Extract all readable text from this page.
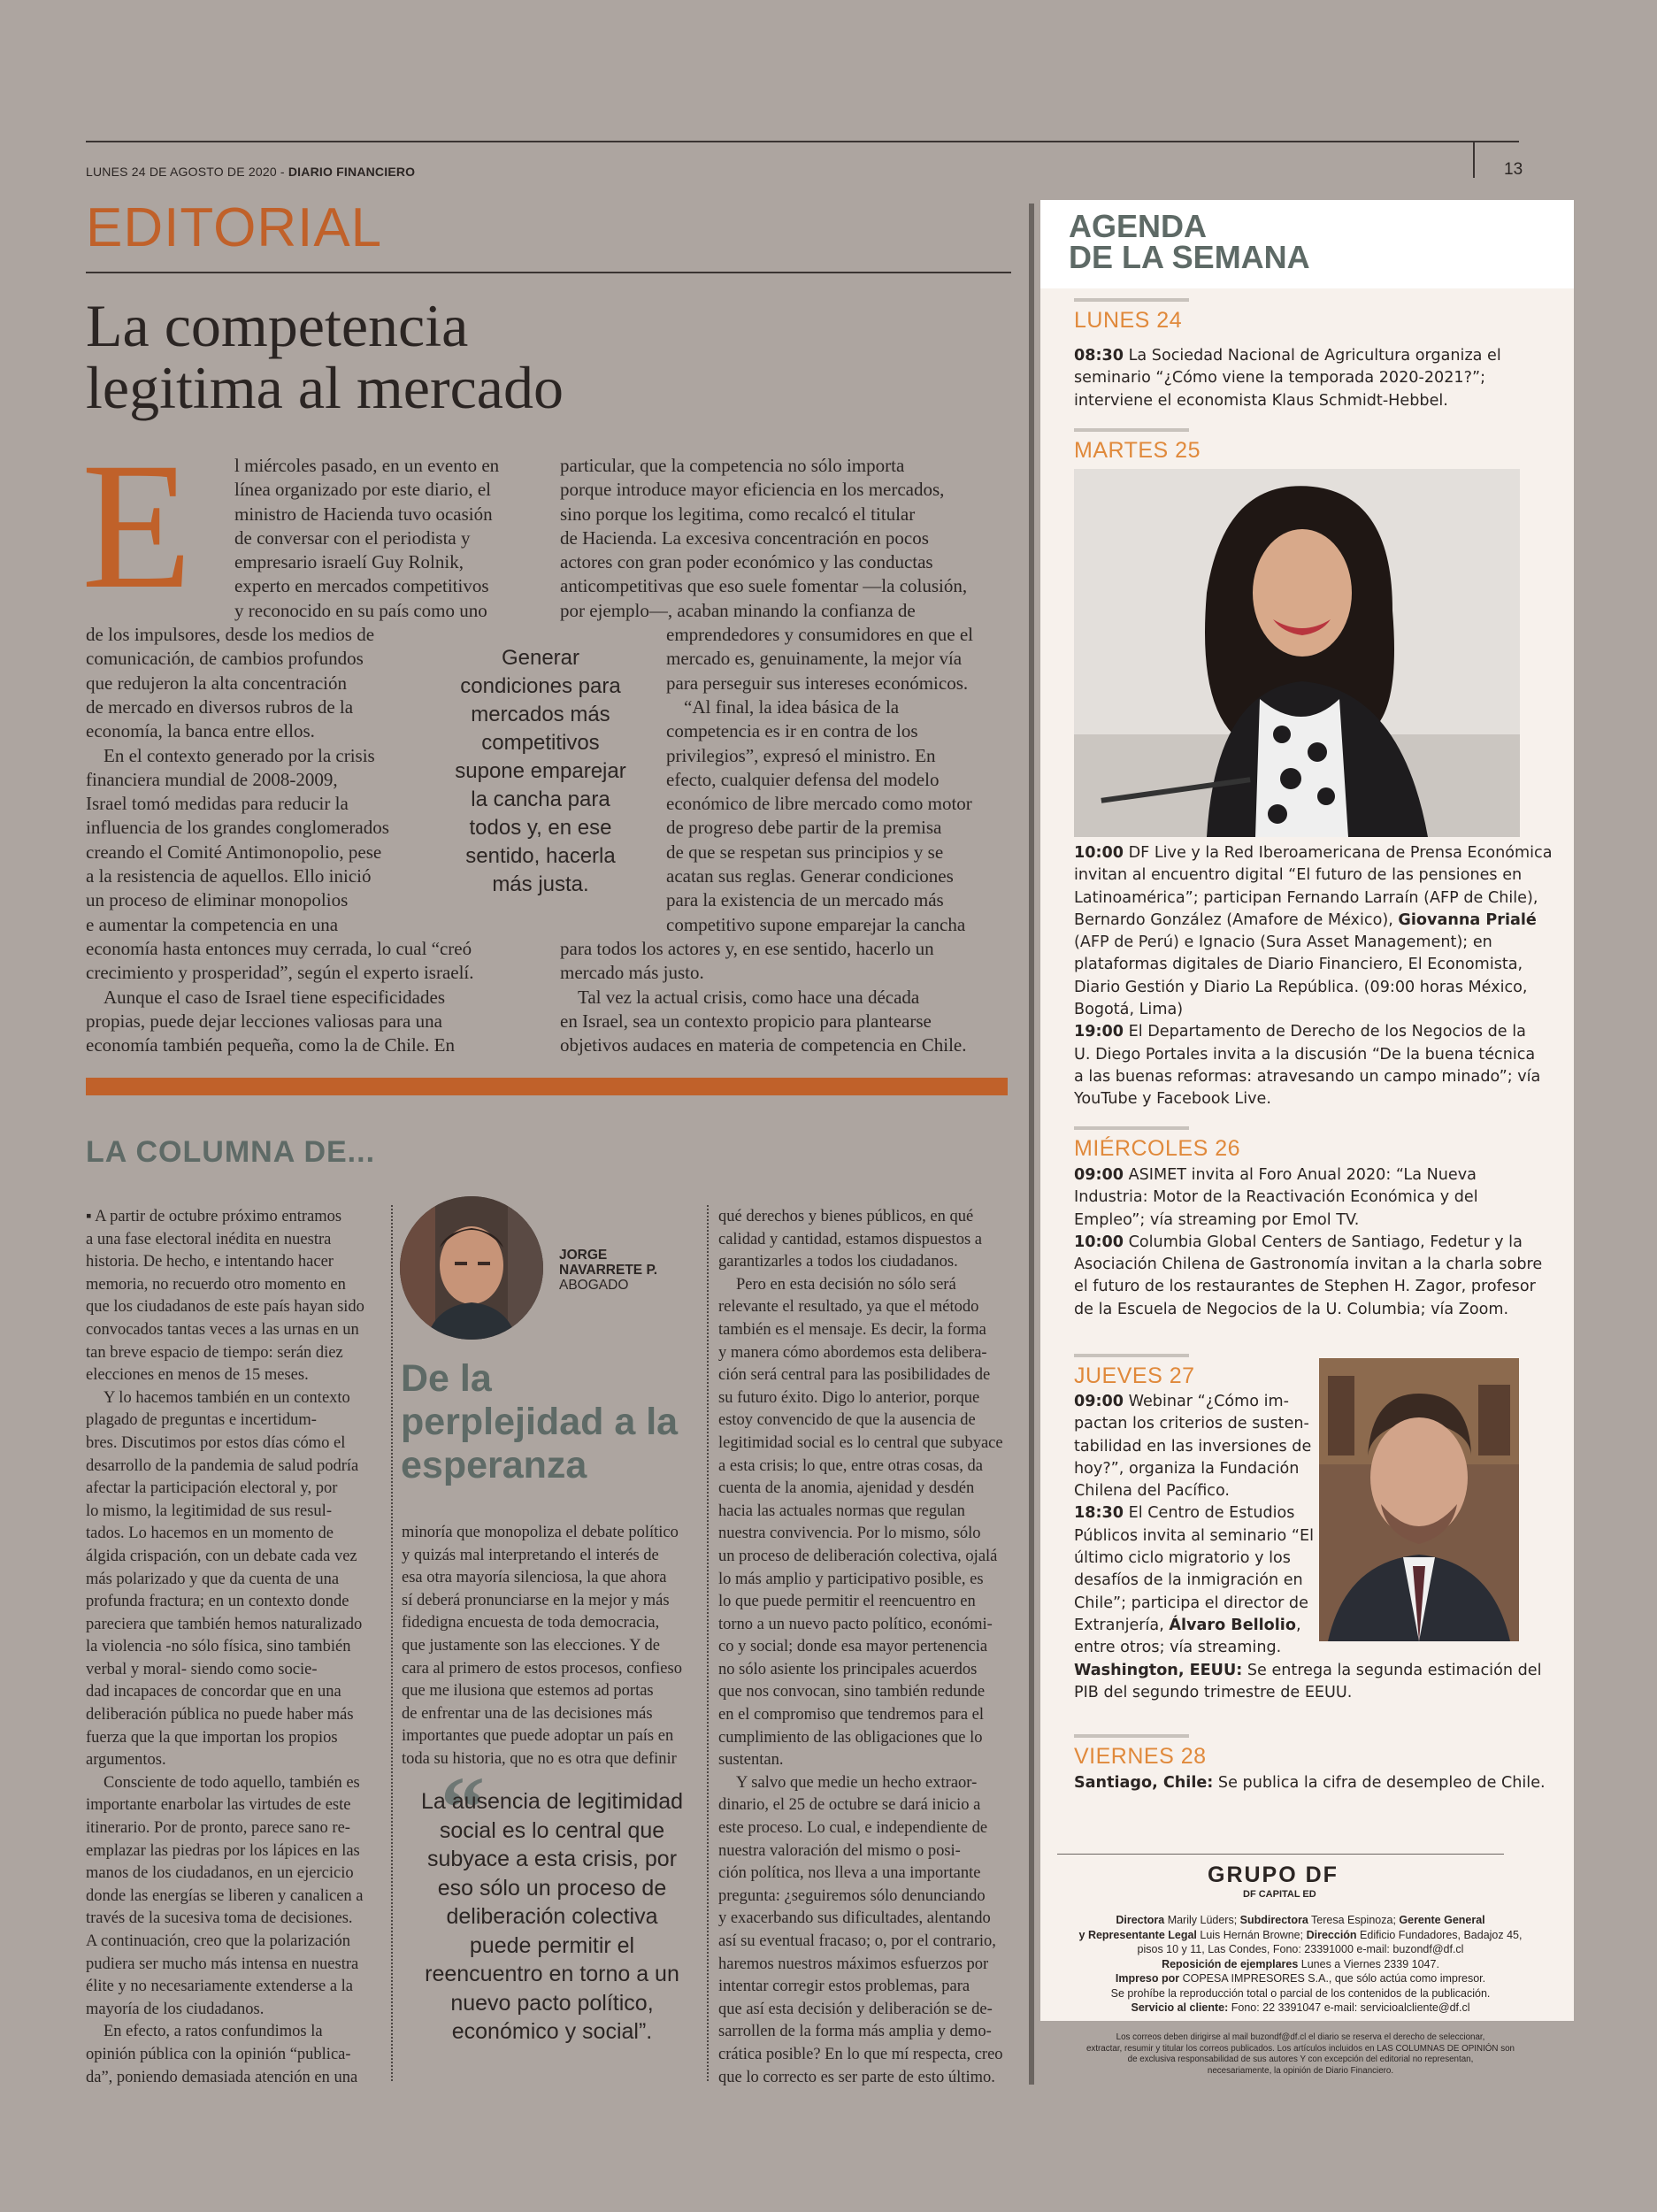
LUNES 24 DE AGOSTO DE 2020 - DIARIO FINANCIERO	13
EDITORIAL
La competencia
legitima al mercado
E	l miércoles pasado, en un evento en
línea organizado por este diario, el
ministro de Hacienda tuvo ocasión
de conversar con el periodista y
empresario israelí Guy Rolnik,
experto en mercados competitivos
y reconocido en su país como uno
de los impulsores, desde los medios de
comunicación, de cambios profundos
que redujeron la alta concentración
de mercado en diversos rubros de la
economía, la banca entre ellos.
En el contexto generado por la crisis
financiera mundial de 2008-2009,
Israel tomó medidas para reducir la
influencia de los grandes conglomerados
creando el Comité Antimonopolio, pese
a la resistencia de aquellos. Ello inició
un proceso de eliminar monopolios
e aumentar la competencia en una
economía hasta entonces muy cerrada, lo cual “creó
crecimiento y prosperidad”, según el experto israelí.
Aunque el caso de Israel tiene especificidades
propias, puede dejar lecciones valiosas para una
economía también pequeña, como la de Chile. En
particular, que la competencia no sólo importa
porque introduce mayor eficiencia en los mercados,
sino porque los legitima, como recalcó el titular
de Hacienda. La excesiva concentración en pocos
actores con gran poder económico y las conductas
anticompetitivas que eso suele fomentar —la colusión,
por ejemplo—, acaban minando la confianza de
emprendedores y consumidores en que el
mercado es, genuinamente, la mejor vía
para perseguir sus intereses económicos.
“Al final, la idea básica de la
competencia es ir en contra de los
privilegios”, expresó el ministro. En
efecto, cualquier defensa del modelo
económico de libre mercado como motor
de progreso debe partir de la premisa
de que se respetan sus principios y se
acatan sus reglas. Generar condiciones
para la existencia de un mercado más
competitivo supone emparejar la cancha
para todos los actores y, en ese sentido, hacerlo un
mercado más justo.
Tal vez la actual crisis, como hace una década
en Israel, sea un contexto propicio para plantearse
objetivos audaces en materia de competencia en Chile.
Generar condiciones para mercados más competitivos supone emparejar la cancha para todos y, en ese sentido, hacerla más justa.
LA COLUMNA DE...
▪ A partir de octubre próximo entramos
a una fase electoral inédita en nuestra
historia. De hecho, e intentando hacer
memoria, no recuerdo otro momento en
que los ciudadanos de este país hayan sido
convocados tantas veces a las urnas en un
tan breve espacio de tiempo: serán diez
elecciones en menos de 15 meses.
Y lo hacemos también en un contexto
plagado de preguntas e incertidum-
bres. Discutimos por estos días cómo el
desarrollo de la pandemia de salud podría
afectar la participación electoral y, por
lo mismo, la legitimidad de sus resul-
tados. Lo hacemos en un momento de
álgida crispación, con un debate cada vez
más polarizado y que da cuenta de una
profunda fractura; en un contexto donde
pareciera que también hemos naturalizado
la violencia -no sólo física, sino también
verbal y moral- siendo como socie-
dad incapaces de concordar que en una
deliberación pública no puede haber más
fuerza que la que importan los propios
argumentos.
Consciente de todo aquello, también es
importante enarbolar las virtudes de este
itinerario. Por de pronto, parece sano re-
emplazar las piedras por los lápices en las
manos de los ciudadanos, en un ejercicio
donde las energías se liberen y canalicen a
través de la sucesiva toma de decisiones.
A continuación, creo que la polarización
pudiera ser mucho más intensa en nuestra
élite y no necesariamente extenderse a la
mayoría de los ciudadanos.
En efecto, a ratos confundimos la
opinión pública con la opinión “publica-
da”, poniendo demasiada atención en una
JORGE NAVARRETE P.
ABOGADO
De la perplejidad a la esperanza
minoría que monopoliza el debate político
y quizás mal interpretando el interés de
esa otra mayoría silenciosa, la que ahora
sí deberá pronunciarse en la mejor y más
fidedigna encuesta de toda democracia,
que justamente son las elecciones. Y de
cara al primero de estos procesos, confieso
que me ilusiona que estemos ad portas
de enfrentar una de las decisiones más
importantes que puede adoptar un país en
toda su historia, que no es otra que definir
“
La ausencia de legitimidad social es lo central que subyace a esta crisis, por eso sólo un proceso de deliberación colectiva puede permitir el reencuentro en torno a un nuevo pacto político, económico y social”.
qué derechos y bienes públicos, en qué
calidad y cantidad, estamos dispuestos a
garantizarles a todos los ciudadanos.
Pero en esta decisión no sólo será
relevante el resultado, ya que el método
también es el mensaje. Es decir, la forma
y manera cómo abordemos esta delibera-
ción será central para las posibilidades de
su futuro éxito. Digo lo anterior, porque
estoy convencido de que la ausencia de
legitimidad social es lo central que subyace
a esta crisis; lo que, entre otras cosas, da
cuenta de la anomia, ajenidad y desdén
hacia las actuales normas que regulan
nuestra convivencia. Por lo mismo, sólo
un proceso de deliberación colectiva, ojalá
lo más amplio y participativo posible, es
lo que puede permitir el reencuentro en
torno a un nuevo pacto político, económi-
co y social; donde esa mayor pertenencia
no sólo asiente los principales acuerdos
que nos convocan, sino también redunde
en el compromiso que tendremos para el
cumplimiento de las obligaciones que lo
sustentan.
Y salvo que medie un hecho extraor-
dinario, el 25 de octubre se dará inicio a
este proceso. Lo cual, e independiente de
nuestra valoración del mismo o posi-
ción política, nos lleva a una importante
pregunta: ¿seguiremos sólo denunciando
y exacerbando sus dificultades, alentando
así su eventual fracaso; o, por el contrario,
haremos nuestros máximos esfuerzos por
intentar corregir estos problemas, para
que así esta decisión y deliberación se de-
sarrollen de la forma más amplia y demo-
crática posible? En lo que mí respecta, creo
que lo correcto es ser parte de esto último.
AGENDA
DE LA SEMANA
LUNES 24
08:30 La Sociedad Nacional de Agricultura organiza el
seminario “¿Cómo viene la temporada 2020-2021?”;
interviene el economista Klaus Schmidt-Hebbel.
MARTES 25
10:00 DF Live y la Red Iberoamericana de Prensa Económica
invitan al encuentro digital “El futuro de las pensiones en
Latinoamérica”; participan Fernando Larraín (AFP de Chile),
Bernardo González (Amafore de México), Giovanna Prialé
(AFP de Perú) e Ignacio (Sura Asset Management); en
plataformas digitales de Diario Financiero, El Economista,
Diario Gestión y Diario La República. (09:00 horas México,
Bogotá, Lima)
19:00 El Departamento de Derecho de los Negocios de la
U. Diego Portales invita a la discusión “De la buena técnica
a las buenas reformas: atravesando un campo minado”; vía
YouTube y Facebook Live.
MIÉRCOLES 26
09:00 ASIMET invita al Foro Anual 2020: “La Nueva
Industria: Motor de la Reactivación Económica y del
Empleo”; vía streaming por Emol TV.
10:00 Columbia Global Centers de Santiago, Fedetur y la
Asociación Chilena de Gastronomía invitan a la charla sobre
el futuro de los restaurantes de Stephen H. Zagor, profesor
de la Escuela de Negocios de la U. Columbia; vía Zoom.
JUEVES 27
09:00 Webinar “¿Cómo im-
pactan los criterios de susten-
tabilidad en las inversiones de
hoy?”, organiza la Fundación
Chilena del Pacífico.
18:30 El Centro de Estudios
Públicos invita al seminario “El
último ciclo migratorio y los
desafíos de la inmigración en
Chile”; participa el director de
Extranjería, Álvaro Bellolio,
entre otros; vía streaming.
Washington, EEUU: Se entrega la segunda estimación del
PIB del segundo trimestre de EEUU.
VIERNES 28
Santiago, Chile: Se publica la cifra de desempleo de Chile.
GRUPO DF
DF CAPITAL ED
Directora Marily Lüders; Subdirectora Teresa Espinoza; Gerente General
y Representante Legal Luis Hernán Browne; Dirección Edificio Fundadores, Badajoz 45,
pisos 10 y 11, Las Condes, Fono: 23391000 e-mail: buzondf@df.cl
Reposición de ejemplares Lunes a Viernes 2339 1047.
Impreso por COPESA IMPRESORES S.A., que sólo actúa como impresor.
Se prohíbe la reproducción total o parcial de los contenidos de la publicación.
Servicio al cliente: Fono: 22 3391047 e-mail: servicioalcliente@df.cl
Los correos deben dirigirse al mail buzondf@df.cl el diario se reserva el derecho de seleccionar,
extractar, resumir y titular los correos publicados. Los artículos incluidos en LAS COLUMNAS DE OPINIÓN son
de exclusiva responsabilidad de sus autores Y con excepción del editorial no representan,
necesariamente, la opinión de Diario Financiero.
